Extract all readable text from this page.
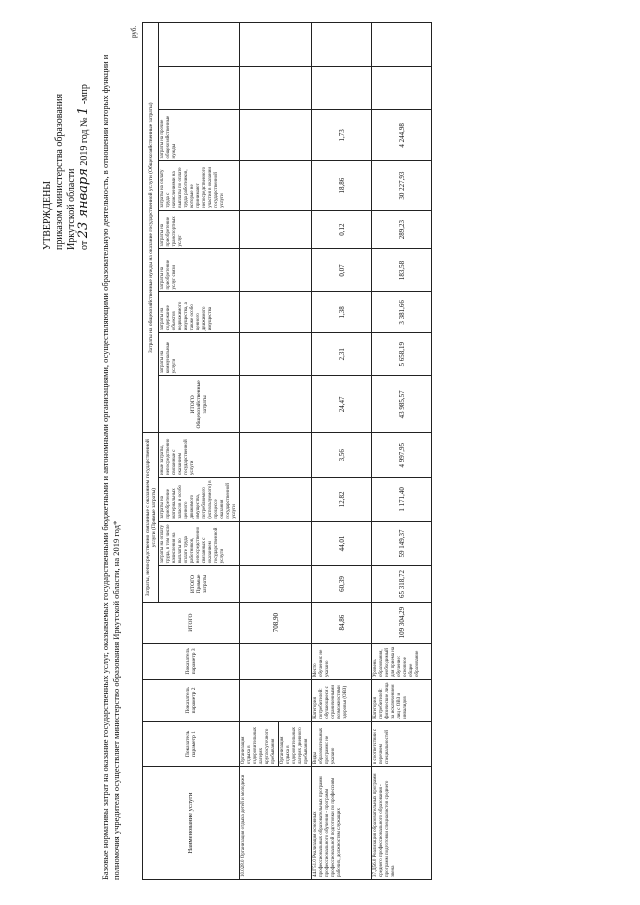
УТВЕРЖДЕНЫ приказом министерства образования Иркутской области от 23 января 2019 год № 1 -мпр Базовые нормативы затрат на оказание государственных услуг, оказываемых государственными бюджетными и автономными организациями, осуществляющими образовательную деятельность, в отношении которых функции и полномочия учредителя осуществляет министерство образования Иркутской области, на 2019 год*
руб.
Наименование услуги	Показатель параметр 1	Показатель параметр 2	Показатель параметр 3	ИТОГО	Затраты, непосредственно связанные с оказанием государственной услуги (Прямые затраты)				Затраты на общехозяйственные нужды на оказание государственной услуги (Общехозяйственные затраты)								
					ИТОГО Прямые затраты	затраты на оплату труда, в том числе начисления на выплаты по оплате труда работников, непосредственно связанных с оказанием государственной услуги	затраты на приобретение материальных запасов и особо ценного движимого имущества, потребляемого (используемого) в процессе оказания государственной услуги	иные затраты, непосредственно связанные с оказанием государственной услуги	ИТОГО Общехозяйственные затраты	затраты на коммунальные услуги	затраты на содержание объектов недвижимого имущества, а также особо ценного движимого имущества	затраты на приобретение услуг связи	затраты на приобретение транспортных услуг	затраты на оплату труда с начислениями на выплаты по оплате труда работников, которые не принимают непосредственного участия в оказании государственной услуги	затраты на прочие общехозяйственные нужды		
10.028.0 Организация отдыха детей и молодежи	Организация отдыха в оздоровительных лагерях круглосуточного пребывания			708,90													
	Организация отдыха в оздоровительных лагерях дневного пребывания																
44.Г51.0 Реализация основных профессиональных образовательных программ профессионального обучения - программ профессиональной подготовки по профессиям рабочих, должностям служащих	Виды образовательных программ: не указано	Категория потребителей: обучающиеся с ограниченными возможностями здоровья (ОВЗ)	Место обучения: не указано	84,86	60,39	44,01	12,82	3,56	24,47	2,31	1,38	0,07	0,12	18,86	1,73		
37.Д56.0 Реализация образовательных программ среднего профессионального образования - программ подготовки специалистов среднего звена	в соответствии с перечнем специальностей	Категория потребителей: физические лица за исключением лиц с ОВЗ и инвалидов	Уровень образования, необходимый для приема на обучение: основное общее образование	109 304,29	65 318,72	59 149,37	1 171,40	4 997,95	43 985,57	5 658,19	3 381,66	183,58	289,23	30 227,93	4 244,98		
